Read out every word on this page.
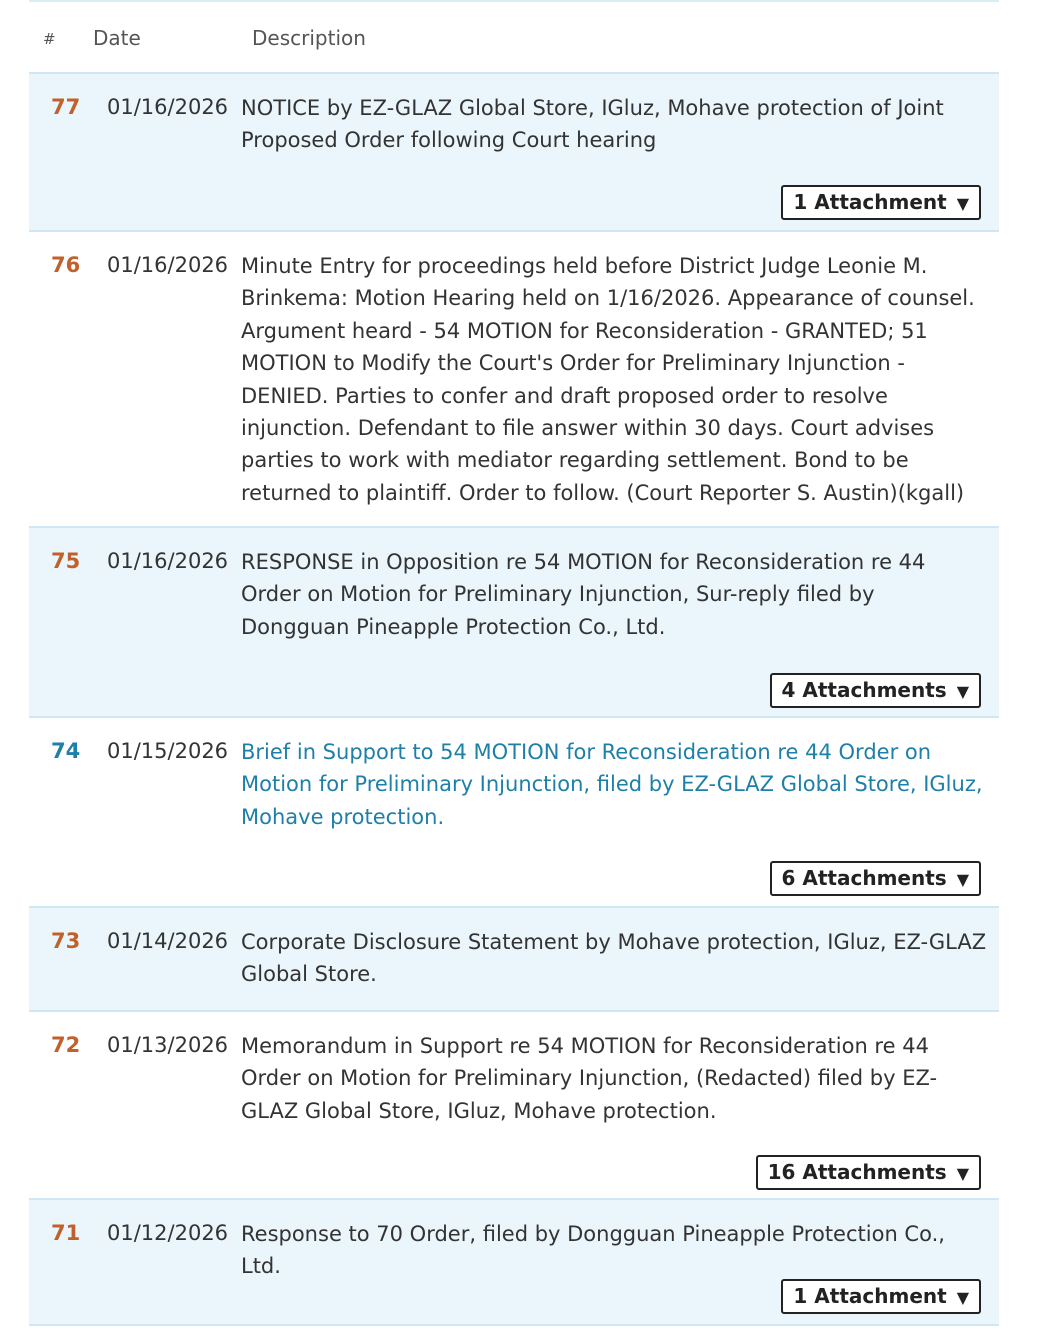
# Date	Description
77 01/16/2026 NOTICE by EZ-GLAZ Global Store, IGluz, Mohave protection of Joint Proposed Order following Court hearing
1 Attachment ▼
76 01/16/2026 Minute Entry for proceedings held before District Judge Leonie M. Brinkema: Motion Hearing held on 1/16/2026. Appearance of counsel. Argument heard - 54 MOTION for Reconsideration - GRANTED; 51 MOTION to Modify the Court's Order for Preliminary Injunction - DENIED. Parties to confer and draft proposed order to resolve injunction. Defendant to file answer within 30 days. Court advises parties to work with mediator regarding settlement. Bond to be returned to plaintiff. Order to follow. (Court Reporter S. Austin)(kgall)
75 01/16/2026 RESPONSE in Opposition re 54 MOTION for Reconsideration re 44 Order on Motion for Preliminary Injunction, Sur-reply filed by Dongguan Pineapple Protection Co., Ltd.
4 Attachments ▼
74 01/15/2026 Brief in Support to 54 MOTION for Reconsideration re 44 Order on Motion for Preliminary Injunction, filed by EZ-GLAZ Global Store, IGluz, Mohave protection.
6 Attachments ▼
73 01/14/2026 Corporate Disclosure Statement by Mohave protection, IGluz, EZ-GLAZ Global Store.
72 01/13/2026 Memorandum in Support re 54 MOTION for Reconsideration re 44 Order on Motion for Preliminary Injunction, (Redacted) filed by EZ-GLAZ Global Store, IGluz, Mohave protection.
16 Attachments ▼
71 01/12/2026 Response to 70 Order, filed by Dongguan Pineapple Protection Co., Ltd.
1 Attachment ▼
